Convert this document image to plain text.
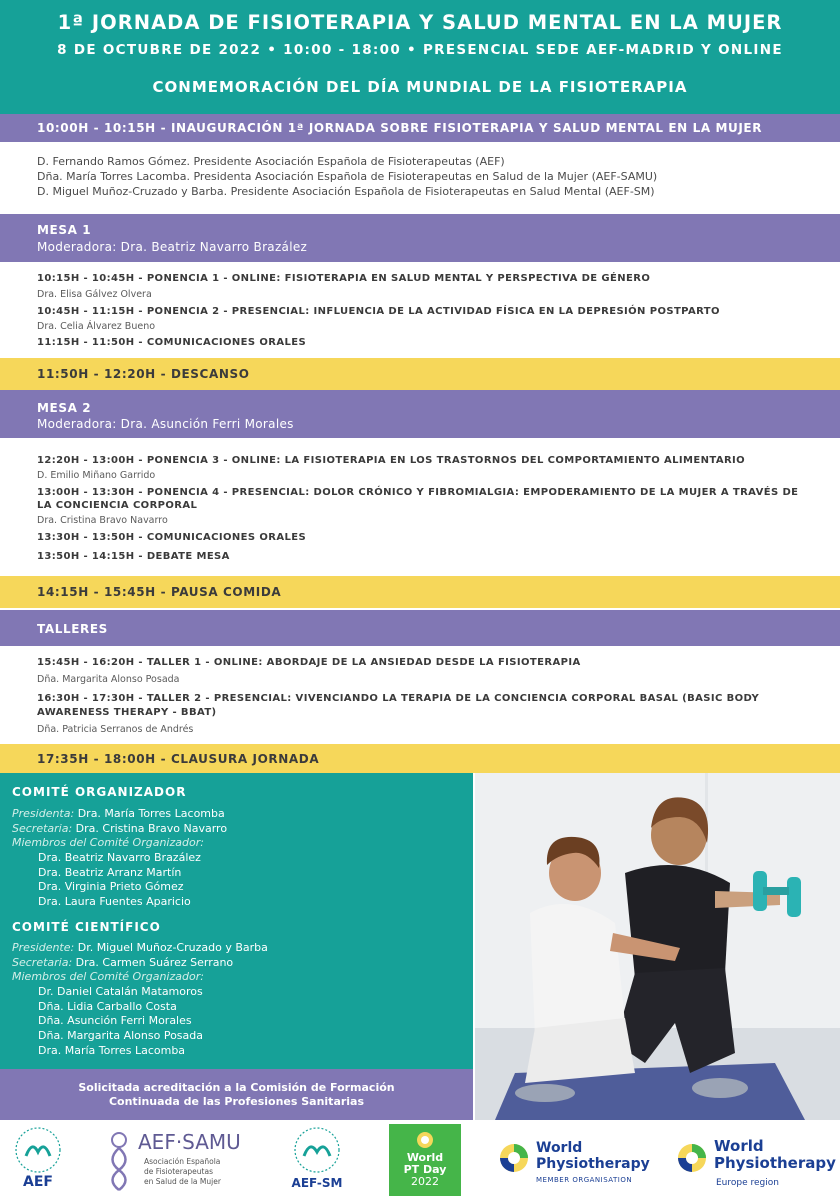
1ª JORNADA DE FISIOTERAPIA Y SALUD MENTAL EN LA MUJER
8 DE OCTUBRE DE 2022 • 10:00 - 18:00 • PRESENCIAL SEDE AEF-MADRID Y ONLINE
CONMEMORACIÓN DEL DÍA MUNDIAL DE LA FISIOTERAPIA
10:00H - 10:15H - INAUGURACIÓN 1ª JORNADA SOBRE FISIOTERAPIA Y SALUD MENTAL EN LA MUJER
D. Fernando Ramos Gómez. Presidente Asociación Española de Fisioterapeutas (AEF)
Dña. María Torres Lacomba. Presidenta Asociación Española de Fisioterapeutas en Salud de la Mujer (AEF-SAMU)
D. Miguel Muñoz-Cruzado y Barba. Presidente Asociación Española de Fisioterapeutas en Salud Mental (AEF-SM)
MESA 1
Moderadora: Dra. Beatriz Navarro Brazález
10:15H - 10:45H - PONENCIA 1 - ONLINE: FISIOTERAPIA EN SALUD MENTAL Y PERSPECTIVA DE GÉNERO
Dra. Elisa Gálvez Olvera
10:45H - 11:15H - PONENCIA 2 - PRESENCIAL: INFLUENCIA DE LA ACTIVIDAD FÍSICA EN LA DEPRESIÓN POSTPARTO
Dra. Celia Álvarez Bueno
11:15H - 11:50H - COMUNICACIONES ORALES
11:50H - 12:20H - DESCANSO
MESA 2
Moderadora: Dra. Asunción Ferri Morales
12:20H - 13:00H - PONENCIA 3 - ONLINE: LA FISIOTERAPIA EN LOS TRASTORNOS DEL COMPORTAMIENTO ALIMENTARIO
D. Emilio Miñano Garrido
13:00H - 13:30H - PONENCIA 4 - PRESENCIAL: DOLOR CRÓNICO Y FIBROMIALGIA: EMPODERAMIENTO DE LA MUJER A TRAVÉS DE
LA CONCIENCIA CORPORAL
Dra. Cristina Bravo Navarro
13:30H - 13:50H - COMUNICACIONES ORALES
13:50H - 14:15H - DEBATE MESA
14:15H - 15:45H - PAUSA COMIDA
TALLERES
15:45H - 16:20H - TALLER 1 - ONLINE: ABORDAJE DE LA ANSIEDAD DESDE LA FISIOTERAPIA
Dña. Margarita Alonso Posada
16:30H - 17:30H - TALLER 2 - PRESENCIAL: VIVENCIANDO LA TERAPIA DE LA CONCIENCIA CORPORAL BASAL (BASIC BODY
AWARENESS THERAPY - BBAT)
Dña. Patricia Serranos de Andrés
17:35H - 18:00H - CLAUSURA JORNADA
COMITÉ ORGANIZADOR
Presidenta: Dra. María Torres Lacomba
Secretaria: Dra. Cristina Bravo Navarro
Miembros del Comité Organizador:
Dra. Beatriz Navarro Brazález
Dra. Beatriz Arranz Martín
Dra. Virginia Prieto Gómez
Dra. Laura Fuentes Aparicio
COMITÉ CIENTÍFICO
Presidente: Dr. Miguel Muñoz-Cruzado y Barba
Secretaria: Dra. Carmen Suárez Serrano
Miembros del Comité Organizador:
Dr. Daniel Catalán Matamoros
Dña. Lidia Carballo Costa
Dña. Asunción Ferri Morales
Dña. Margarita Alonso Posada
Dra. María Torres Lacomba
Solicitada acreditación a la Comisión de Formación
Continuada de las Profesiones Sanitarias
AEF
AEF·SAMU
Asociación Española
de Fisioterapeutas
en Salud de la Mujer	AEF-SM
World
PT Day
2022
World
Physiotherapy
MEMBER ORGANISATION
World
Physiotherapy
Europe region
